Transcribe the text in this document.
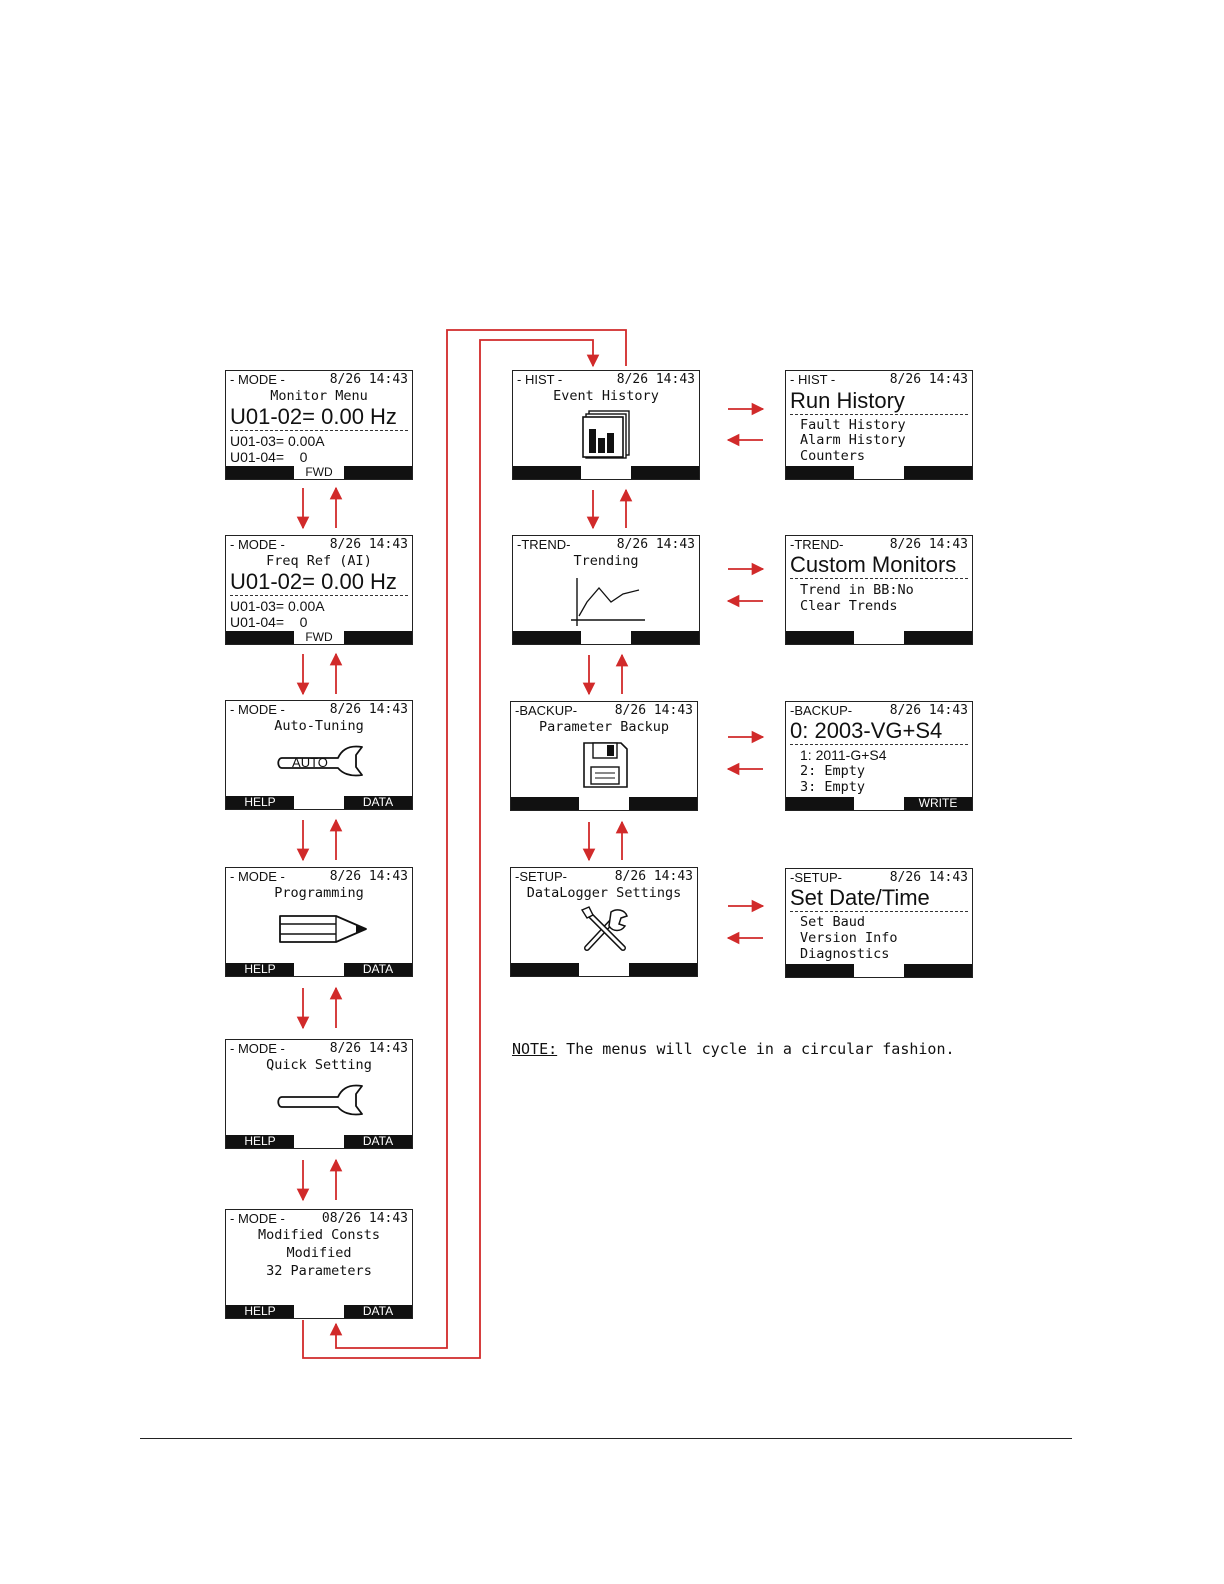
- MODE -	8/26 14:43
Monitor Menu
U01-02= 0.00 Hz
U01-03= 0.00A
U01-04=    0
FWD
- MODE -	8/26 14:43
Freq Ref (AI)
U01-02= 0.00 Hz
U01-03= 0.00A
U01-04=    0
FWD
- MODE -	8/26 14:43
Auto-Tuning
AUTO
HELP	DATA
- MODE -	8/26 14:43
Programming
HELP	DATA
- MODE -	8/26 14:43
Quick Setting
HELP	DATA
- MODE -	08/26 14:43
Modified Consts
Modified
32 Parameters
HELP	DATA
- HIST -	8/26 14:43
Event History
-TREND-	8/26 14:43
Trending
-BACKUP-	8/26 14:43
Parameter Backup
-SETUP-	8/26 14:43
DataLogger Settings
- HIST -	8/26 14:43
Run History
Fault History
Alarm History
Counters
-TREND-	8/26 14:43
Custom Monitors
Trend in BB:No
Clear Trends
-BACKUP-	8/26 14:43
0: 2003-VG+S4
1: 2011-G+S4
2: Empty
3: Empty
WRITE
-SETUP-	8/26 14:43
Set Date/Time
Set Baud
Version Info
Diagnostics
NOTE: The menus will cycle in a circular fashion.
